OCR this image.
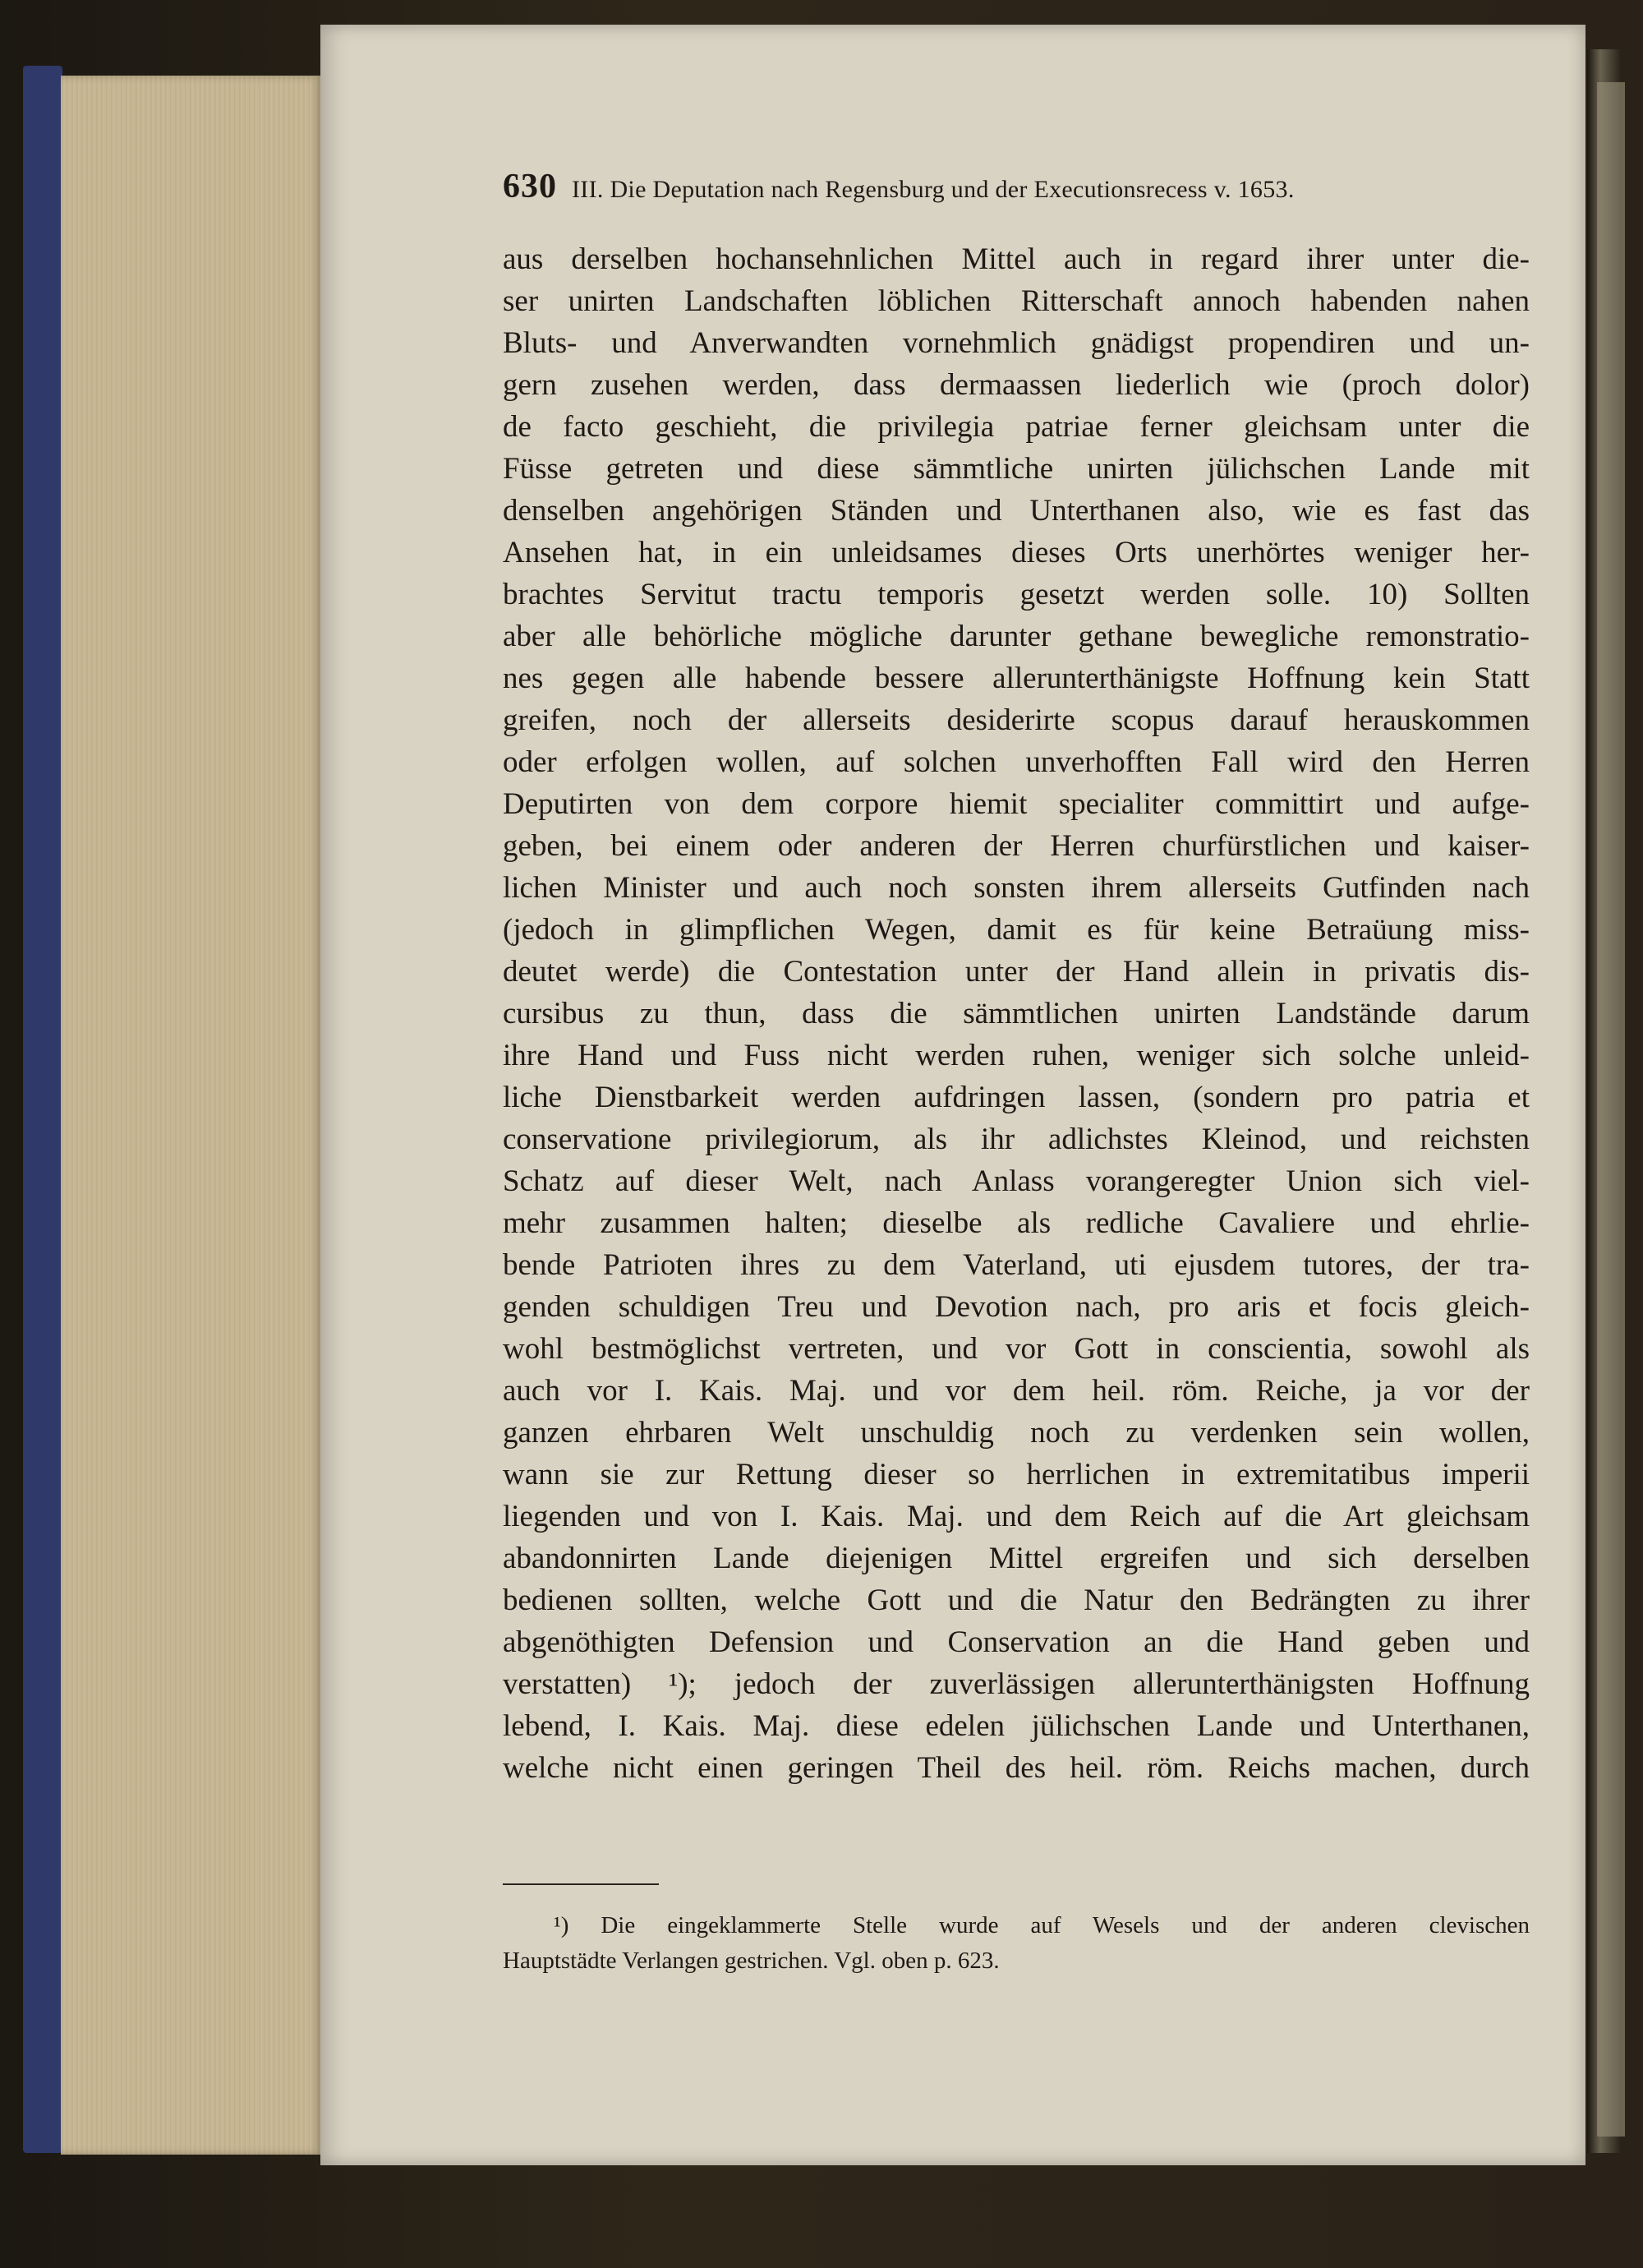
630 III. Die Deputation nach Regensburg und der Executionsrecess v. 1653.
aus derselben hochansehnlichen Mittel auch in regard ihrer unter die-
ser unirten Landschaften löblichen Ritterschaft annoch habenden nahen
Bluts- und Anverwandten vornehmlich gnädigst propendiren und un-
gern zusehen werden, dass dermaassen liederlich wie (proch dolor)
de facto geschieht, die privilegia patriae ferner gleichsam unter die
Füsse getreten und diese sämmtliche unirten jülichschen Lande mit
denselben angehörigen Ständen und Unterthanen also, wie es fast das
Ansehen hat, in ein unleidsames dieses Orts unerhörtes weniger her-
brachtes Servitut tractu temporis gesetzt werden solle. 10) Sollten
aber alle behörliche mögliche darunter gethane bewegliche remonstratio-
nes gegen alle habende bessere allerunterthänigste Hoffnung kein Statt
greifen, noch der allerseits desiderirte scopus darauf herauskommen
oder erfolgen wollen, auf solchen unverhofften Fall wird den Herren
Deputirten von dem corpore hiemit specialiter committirt und aufge-
geben, bei einem oder anderen der Herren churfürstlichen und kaiser-
lichen Minister und auch noch sonsten ihrem allerseits Gutfinden nach
(jedoch in glimpflichen Wegen, damit es für keine Betraüung miss-
deutet werde) die Contestation unter der Hand allein in privatis dis-
cursibus zu thun, dass die sämmtlichen unirten Landstände darum
ihre Hand und Fuss nicht werden ruhen, weniger sich solche unleid-
liche Dienstbarkeit werden aufdringen lassen, (sondern pro patria et
conservatione privilegiorum, als ihr adlichstes Kleinod, und reichsten
Schatz auf dieser Welt, nach Anlass vorangeregter Union sich viel-
mehr zusammen halten; dieselbe als redliche Cavaliere und ehrlie-
bende Patrioten ihres zu dem Vaterland, uti ejusdem tutores, der tra-
genden schuldigen Treu und Devotion nach, pro aris et focis gleich-
wohl bestmöglichst vertreten, und vor Gott in conscientia, sowohl als
auch vor I. Kais. Maj. und vor dem heil. röm. Reiche, ja vor der
ganzen ehrbaren Welt unschuldig noch zu verdenken sein wollen,
wann sie zur Rettung dieser so herrlichen in extremitatibus imperii
liegenden und von I. Kais. Maj. und dem Reich auf die Art gleichsam
abandonnirten Lande diejenigen Mittel ergreifen und sich derselben
bedienen sollten, welche Gott und die Natur den Bedrängten zu ihrer
abgenöthigten Defension und Conservation an die Hand geben und
verstatten) ¹); jedoch der zuverlässigen allerunterthänigsten Hoffnung
lebend, I. Kais. Maj. diese edelen jülichschen Lande und Unterthanen,
welche nicht einen geringen Theil des heil. röm. Reichs machen, durch
¹) Die eingeklammerte Stelle wurde auf Wesels und der anderen clevischen
Hauptstädte Verlangen gestrichen. Vgl. oben p. 623.
